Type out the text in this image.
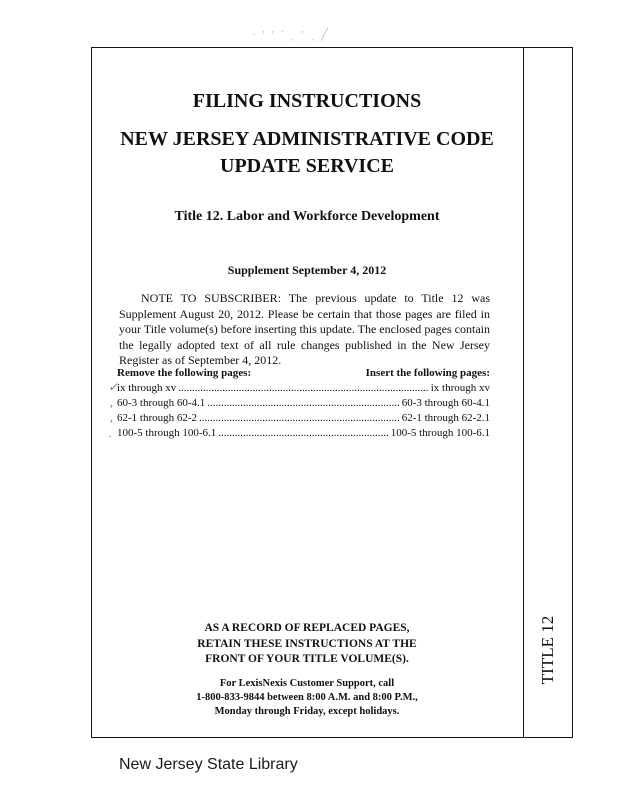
· ′ ′ ˙ ˎ ′ ˏ ╱
TITLE 12
FILING INSTRUCTIONS
NEW JERSEY ADMINISTRATIVE CODE
UPDATE SERVICE
Title 12. Labor and Workforce Development
Supplement September 4, 2012
NOTE TO SUBSCRIBER: The previous update to Title 12 was Supplement August 20, 2012. Please be certain that those pages are filed in your Title volume(s) before inserting this update. The enclosed pages contain the legally adopted text of all rule changes published in the New Jersey Register as of September 4, 2012.
Remove the following pages:	Insert the following pages:
ix through xv .....	ix through xv
60-3 through 60-4.1 .....	60-3 through 60-4.1
62-1 through 62-2 .....	62-1 through 62-2.1
100-5 through 100-6.1 .....	100-5 through 100-6.1
✓
,
,
ˎ
AS A RECORD OF REPLACED PAGES,
RETAIN THESE INSTRUCTIONS AT THE
FRONT OF YOUR TITLE VOLUME(S).
For LexisNexis Customer Support, call
1-800-833-9844 between 8:00 A.M. and 8:00 P.M.,
Monday through Friday, except holidays.
New Jersey State Library
